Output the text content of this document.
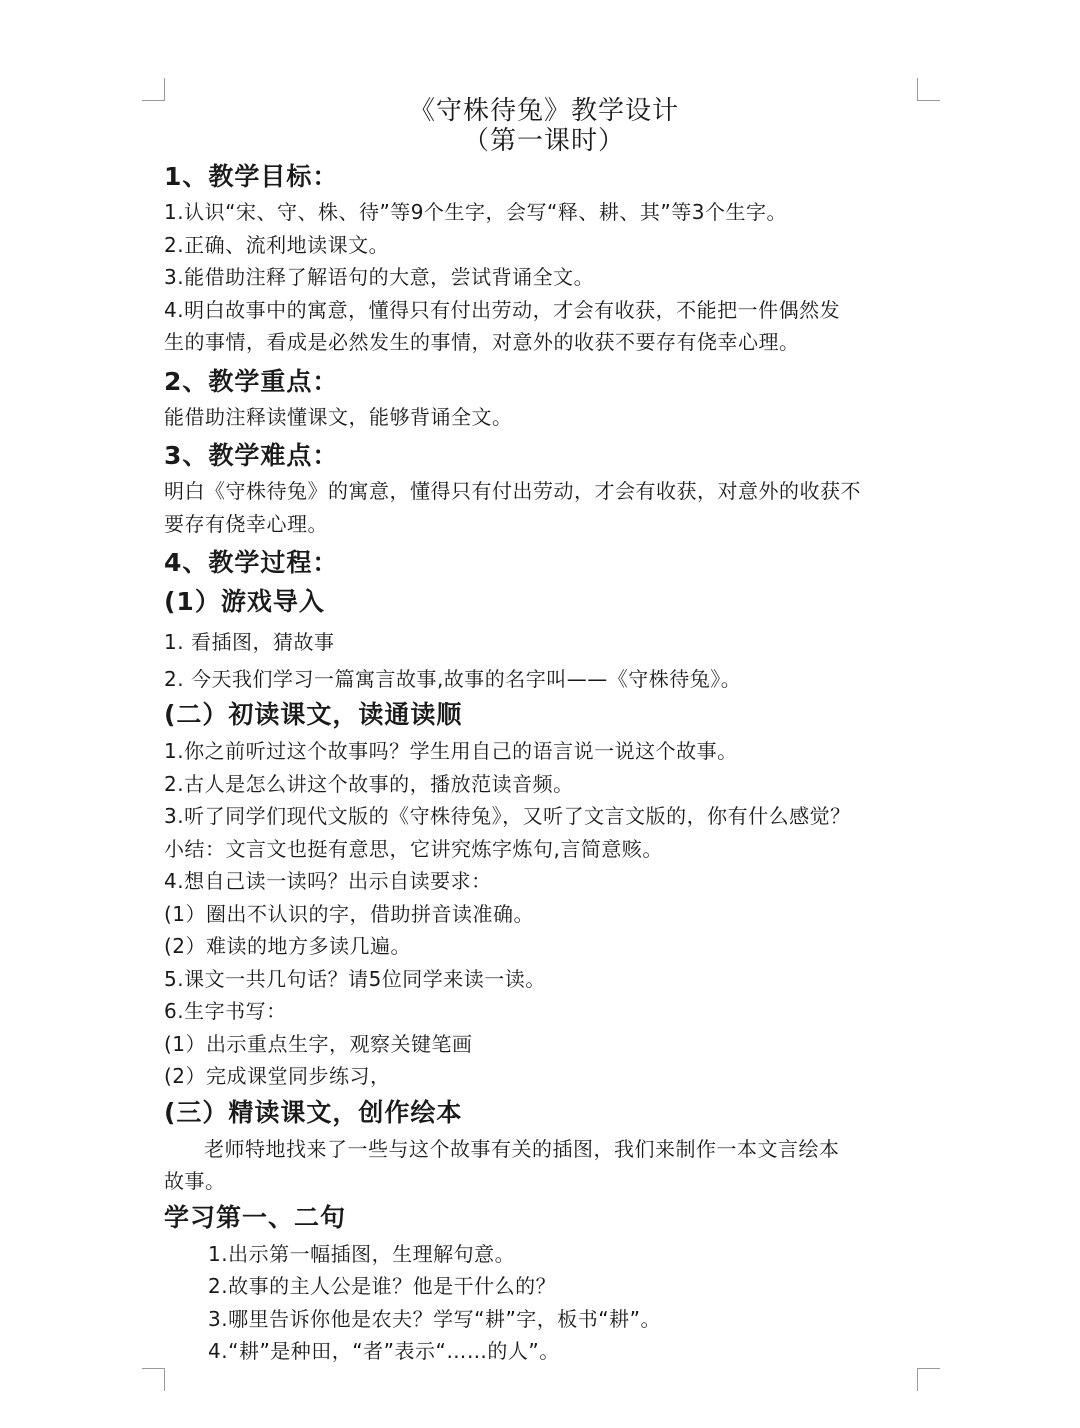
《守株待兔》教学设计

（第一课时）

1、教学目标：

1.认识“宋、守、株、待”等9个生字，会写“释、耕、其”等3个生字。

2.正确、流利地读课文。

3.能借助注释了解语句的大意，尝试背诵全文。

4.明白故事中的寓意，懂得只有付出劳动，才会有收获，不能把一件偶然发

生的事情，看成是必然发生的事情，对意外的收获不要存有侥幸心理。

2、教学重点：

能借助注释读懂课文，能够背诵全文。

3、教学难点：

明白《守株待兔》的寓意，懂得只有付出劳动，才会有收获，对意外的收获不

要存有侥幸心理。

4、教学过程：

(1）游戏导入

1. 看插图，猜故事

2. 今天我们学习一篇寓言故事,故事的名字叫——《守株待兔》。

(二）初读课文，读通读顺

1.你之前听过这个故事吗？学生用自己的语言说一说这个故事。

2.古人是怎么讲这个故事的，播放范读音频。

3.听了同学们现代文版的《守株待兔》，又听了文言文版的，你有什么感觉？

小结：文言文也挺有意思，它讲究炼字炼句,言简意赅。

4.想自己读一读吗？出示自读要求：

(1）圈出不认识的字，借助拼音读准确。

(2）难读的地方多读几遍。

5.课文一共几句话？请5位同学来读一读。

6.生字书写：

(1）出示重点生字，观察关键笔画

(2）完成课堂同步练习，

(三）精读课文，创作绘本

老师特地找来了一些与这个故事有关的插图，我们来制作一本文言绘本

故事。

学习第一、二句

1.出示第一幅插图，生理解句意。

2.故事的主人公是谁？他是干什么的？

3.哪里告诉你他是农夫？学写“耕”字，板书“耕”。

4.“耕”是种田，“者”表示“……的人”。
